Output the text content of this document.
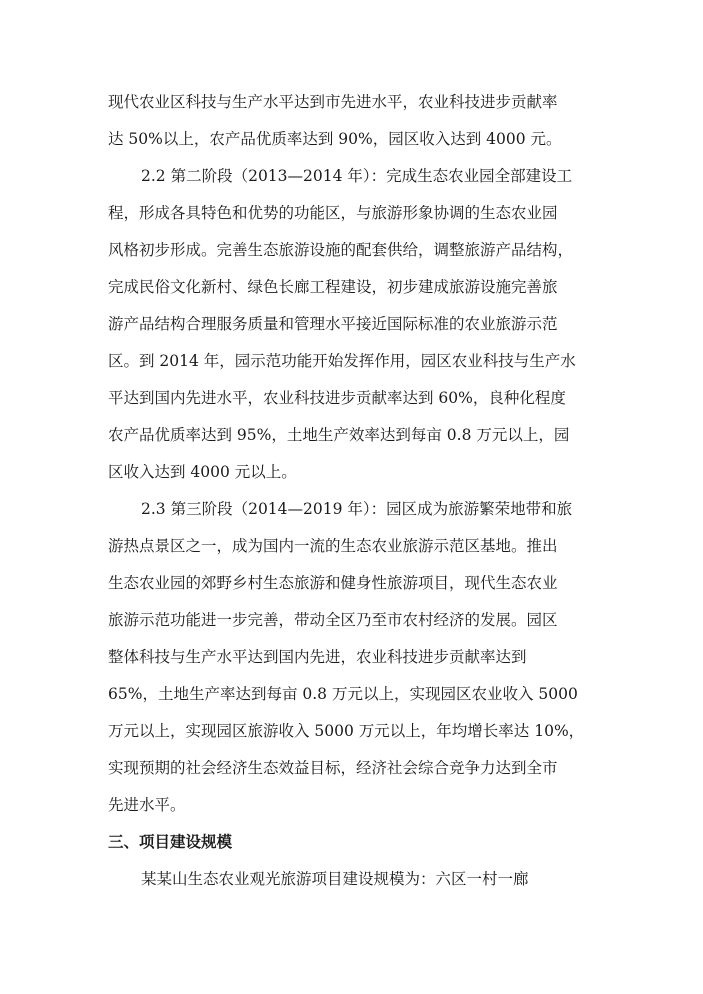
现代农业区科技与生产水平达到市先进水平，农业科技进步贡献率

达 50%以上，农产品优质率达到 90%，园区收入达到 4000 元。

2.2 第二阶段（2013—2014 年）：完成生态农业园全部建设工

程，形成各具特色和优势的功能区，与旅游形象协调的生态农业园

风格初步形成。完善生态旅游设施的配套供给，调整旅游产品结构，

完成民俗文化新村、绿色长廊工程建设，初步建成旅游设施完善旅

游产品结构合理服务质量和管理水平接近国际标准的农业旅游示范

区。到 2014 年，园示范功能开始发挥作用，园区农业科技与生产水

平达到国内先进水平，农业科技进步贡献率达到 60%，良种化程度

农产品优质率达到 95%，土地生产效率达到每亩 0.8 万元以上，园

区收入达到 4000 元以上。

2.3 第三阶段（2014—2019 年）：园区成为旅游繁荣地带和旅

游热点景区之一，成为国内一流的生态农业旅游示范区基地。推出

生态农业园的郊野乡村生态旅游和健身性旅游项目，现代生态农业

旅游示范功能进一步完善，带动全区乃至市农村经济的发展。园区

整体科技与生产水平达到国内先进，农业科技进步贡献率达到

65%，土地生产率达到每亩 0.8 万元以上，实现园区农业收入 5000

万元以上，实现园区旅游收入 5000 万元以上，年均增长率达 10%，

实现预期的社会经济生态效益目标，经济社会综合竞争力达到全市

先进水平。

三、项目建设规模

某某山生态农业观光旅游项目建设规模为：六区一村一廊
